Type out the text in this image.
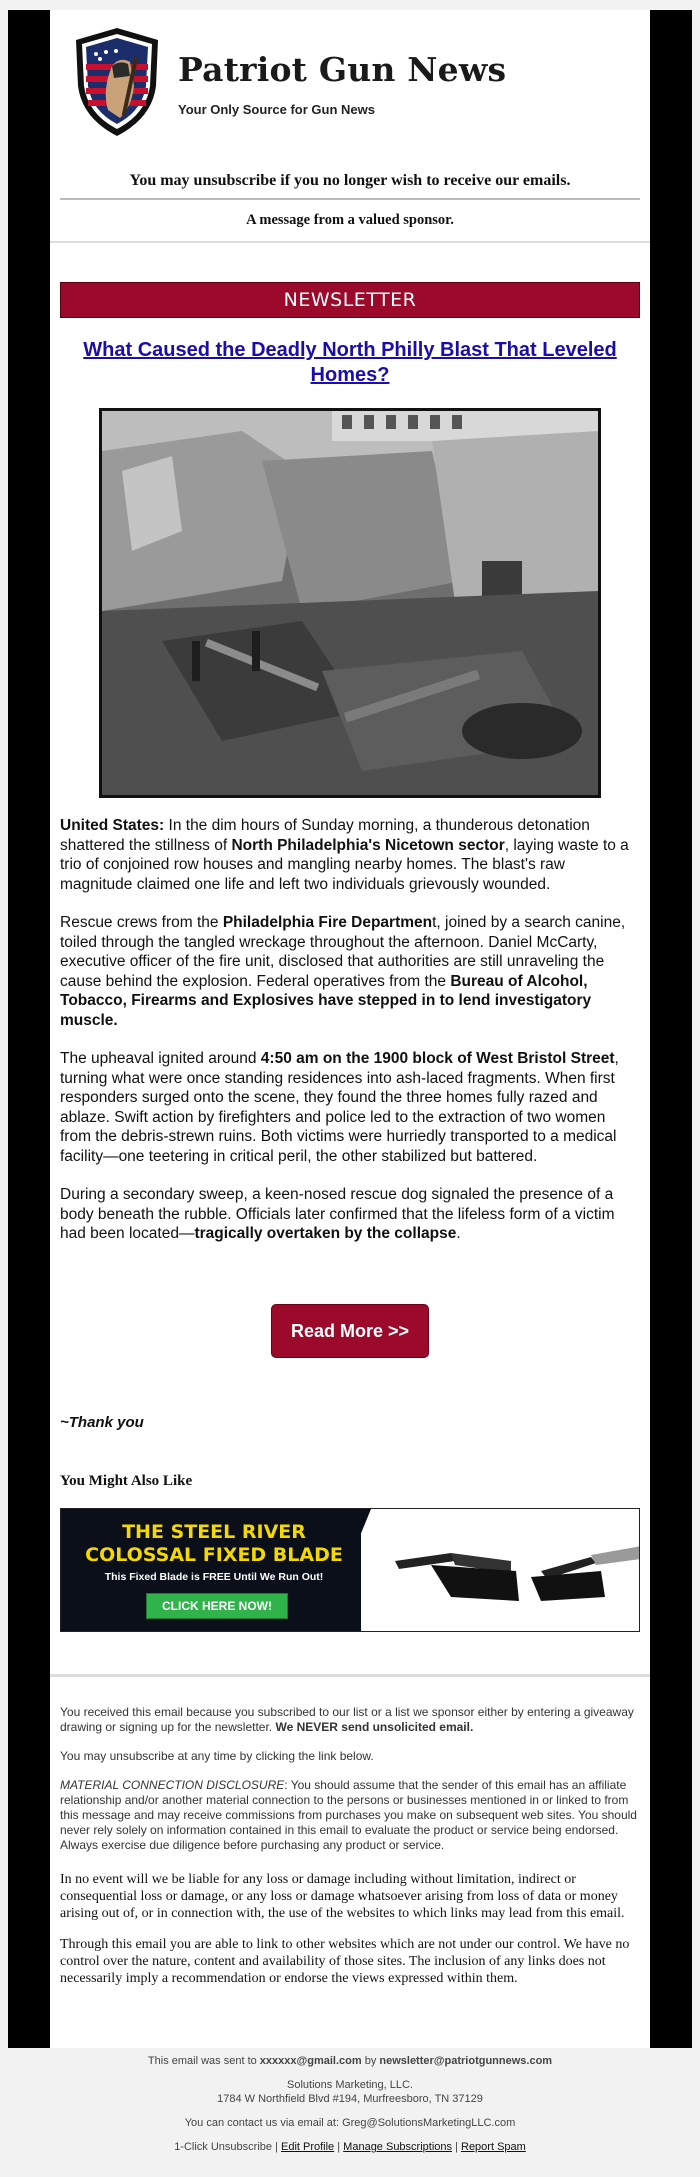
Patriot Gun News
Your Only Source for Gun News
You may unsubscribe if you no longer wish to receive our emails.
A message from a valued sponsor.
NEWSLETTER
What Caused the Deadly North Philly Blast That Leveled Homes?

United States: In the dim hours of Sunday morning, a thunderous detonation shattered the stillness of North Philadelphia's Nicetown sector, laying waste to a trio of conjoined row houses and mangling nearby homes. The blast's raw magnitude claimed one life and left two individuals grievously wounded.

Rescue crews from the Philadelphia Fire Department, joined by a search canine, toiled through the tangled wreckage throughout the afternoon. Daniel McCarty, executive officer of the fire unit, disclosed that authorities are still unraveling the cause behind the explosion. Federal operatives from the Bureau of Alcohol, Tobacco, Firearms and Explosives have stepped in to lend investigatory muscle.

The upheaval ignited around 4:50 am on the 1900 block of West Bristol Street, turning what were once standing residences into ash-laced fragments. When first responders surged onto the scene, they found the three homes fully razed and ablaze. Swift action by firefighters and police led to the extraction of two women from the debris-strewn ruins. Both victims were hurriedly transported to a medical facility—one teetering in critical peril, the other stabilized but battered.

During a secondary sweep, a keen-nosed rescue dog signaled the presence of a body beneath the rubble. Officials later confirmed that the lifeless form of a victim had been located—tragically overtaken by the collapse.

Read More >>
~Thank you
You Might Also Like
THE STEEL RIVER
COLOSSAL FIXED BLADE
This Fixed Blade is FREE Until We Run Out!
CLICK HERE NOW!

You received this email because you subscribed to our list or a list we sponsor either by entering a giveaway drawing or signing up for the newsletter. We NEVER send unsolicited email.

You may unsubscribe at any time by clicking the link below.

MATERIAL CONNECTION DISCLOSURE: You should assume that the sender of this email has an affiliate relationship and/or another material connection to the persons or businesses mentioned in or linked to from this message and may receive commissions from purchases you make on subsequent web sites. You should never rely solely on information contained in this email to evaluate the product or service being endorsed. Always exercise due diligence before purchasing any product or service.

In no event will we be liable for any loss or damage including without limitation, indirect or consequential loss or damage, or any loss or damage whatsoever arising from loss of data or money arising out of, or in connection with, the use of the websites to which links may lead from this email.

Through this email you are able to link to other websites which are not under our control. We have no control over the nature, content and availability of those sites. The inclusion of any links does not necessarily imply a recommendation or endorse the views expressed within them.

This email was sent to xxxxxx@gmail.com by newsletter@patriotgunnews.com
Solutions Marketing, LLC.
1784 W Northfield Blvd #194, Murfreesboro, TN 37129
You can contact us via email at: Greg@SolutionsMarketingLLC.com
1-Click Unsubscribe | Edit Profile | Manage Subscriptions | Report Spam
